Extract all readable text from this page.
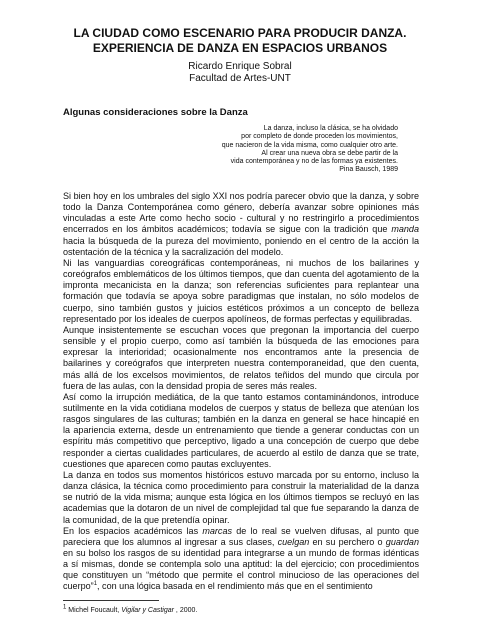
LA CIUDAD COMO ESCENARIO PARA PRODUCIR DANZA.
EXPERIENCIA DE DANZA EN ESPACIOS URBANOS
Ricardo Enrique Sobral
Facultad de Artes-UNT
Algunas consideraciones sobre la Danza
La danza, incluso la clásica, se ha olvidado
por completo de donde proceden los movimientos,
que nacieron de la vida misma, como cualquier otro arte.
Al crear una nueva obra se debe partir de la
vida contemporánea y no de las formas ya existentes.
Pina Bausch, 1989

Si bien hoy en los umbrales del siglo XXI nos podría parecer obvio que la danza, y sobre todo la Danza Contemporánea como género, debería avanzar sobre opiniones más vinculadas a este Arte como hecho socio - cultural y no restringirlo a procedimientos encerrados en los ámbitos académicos; todavía se sigue con la tradición que manda hacia la búsqueda de la pureza del movimiento, poniendo en el centro de la acción la ostentación de la técnica y la sacralización del modelo.

Ni las vanguardias coreográficas contemporáneas, ni muchos de los bailarines y coreógrafos emblemáticos de los últimos tiempos, que dan cuenta del agotamiento de la impronta mecanicista en la danza; son referencias suficientes para replantear una formación que todavía se apoya sobre paradigmas que instalan, no sólo modelos de cuerpo, sino también gustos y juicios estéticos próximos a un concepto de belleza representado por los ideales de cuerpos apolíneos, de formas perfectas y equilibradas.

Aunque insistentemente se escuchan voces que pregonan la importancia del cuerpo sensible y el propio cuerpo, como así también la búsqueda de las emociones para expresar la interioridad; ocasionalmente nos encontramos ante la presencia de bailarines y coreógrafos que interpreten nuestra contemporaneidad, que den cuenta, más allá de los excelsos movimientos, de relatos teñidos del mundo que circula por fuera de las aulas, con la densidad propia de seres más reales.

Así como la irrupción mediática, de la que tanto estamos contaminándonos, introduce sutilmente en la vida cotidiana modelos de cuerpos y status de belleza que atenúan los rasgos singulares de las culturas; también en la danza en general se hace hincapié en la apariencia externa, desde un entrenamiento que tiende a generar conductas con un espíritu más competitivo que perceptivo, ligado a una concepción de cuerpo que debe responder a ciertas cualidades particulares, de acuerdo al estilo de danza que se trate, cuestiones que aparecen como pautas excluyentes.

La danza en todos sus momentos históricos estuvo marcada por su entorno, incluso la danza clásica, la técnica como procedimiento para construir la materialidad de la danza se nutrió de la vida misma; aunque esta lógica en los últimos tiempos se recluyó en las academias que la dotaron de un nivel de complejidad tal que fue separando la danza de la comunidad, de la que pretendía opinar.

En los espacios académicos las marcas de lo real se vuelven difusas, al punto que pareciera que los alumnos al ingresar a sus clases, cuelgan en su perchero o guardan en su bolso los rasgos de su identidad para integrarse a un mundo de formas idénticas a sí mismas, donde se contempla solo una aptitud: la del ejercicio; con procedimientos que constituyen un “método que permite el control minucioso de las operaciones del cuerpo”$^1$, con una lógica basada en el rendimiento más que en el sentimiento

$^1$ Michel Foucault, Vigilar y Castigar , 2000.
